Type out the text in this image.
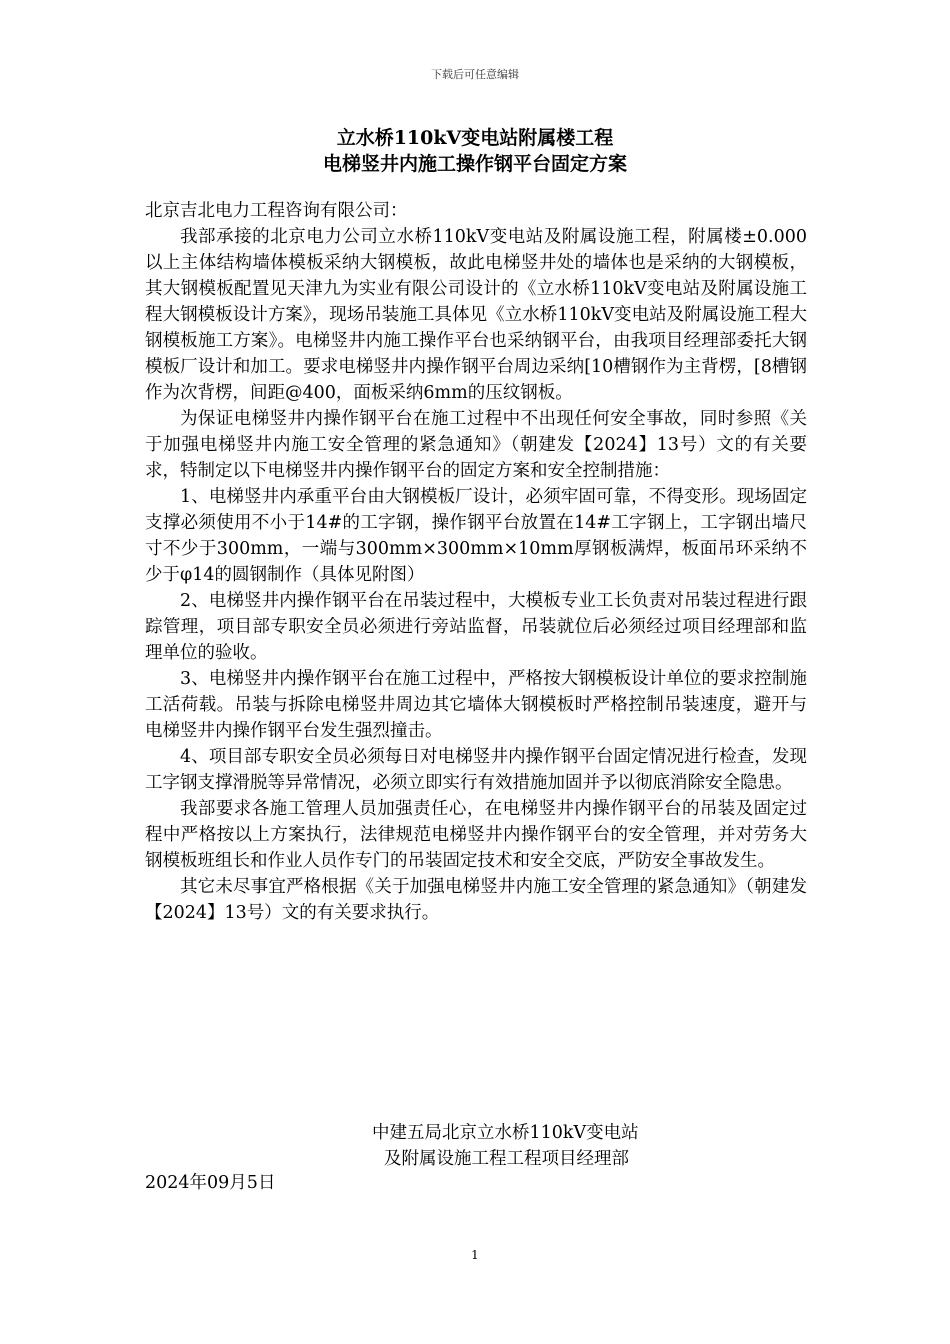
下载后可任意编辑
立水桥110kV变电站附属楼工程
电梯竖井内施工操作钢平台固定方案

北京吉北电力工程咨询有限公司：

我部承接的北京电力公司立水桥110kV变电站及附属设施工程，附属楼±0.000以上主体结构墙体模板采纳大钢模板，故此电梯竖井处的墙体也是采纳的大钢模板，其大钢模板配置见天津九为实业有限公司设计的《立水桥110kV变电站及附属设施工程大钢模板设计方案》，现场吊装施工具体见《立水桥110kV变电站及附属设施工程大钢模板施工方案》。电梯竖井内施工操作平台也采纳钢平台，由我项目经理部委托大钢模板厂设计和加工。要求电梯竖井内操作钢平台周边采纳[10槽钢作为主背楞，[8槽钢作为次背楞，间距@400，面板采纳6mm的压纹钢板。

为保证电梯竖井内操作钢平台在施工过程中不出现任何安全事故，同时参照《关于加强电梯竖井内施工安全管理的紧急通知》（朝建发【2024】13号）文的有关要求，特制定以下电梯竖井内操作钢平台的固定方案和安全控制措施：

1、电梯竖井内承重平台由大钢模板厂设计，必须牢固可靠，不得变形。现场固定支撑必须使用不小于14#的工字钢，操作钢平台放置在14#工字钢上，工字钢出墙尺寸不少于300mm，一端与300mm×300mm×10mm厚钢板满焊，板面吊环采纳不少于φ14的圆钢制作（具体见附图）

2、电梯竖井内操作钢平台在吊装过程中，大模板专业工长负责对吊装过程进行跟踪管理，项目部专职安全员必须进行旁站监督，吊装就位后必须经过项目经理部和监理单位的验收。

3、电梯竖井内操作钢平台在施工过程中，严格按大钢模板设计单位的要求控制施工活荷载。吊装与拆除电梯竖井周边其它墙体大钢模板时严格控制吊装速度，避开与电梯竖井内操作钢平台发生强烈撞击。

4、项目部专职安全员必须每日对电梯竖井内操作钢平台固定情况进行检查，发现工字钢支撑滑脱等异常情况，必须立即实行有效措施加固并予以彻底消除安全隐患。

我部要求各施工管理人员加强责任心，在电梯竖井内操作钢平台的吊装及固定过程中严格按以上方案执行，法律规范电梯竖井内操作钢平台的安全管理，并对劳务大钢模板班组长和作业人员作专门的吊装固定技术和安全交底，严防安全事故发生。

其它未尽事宜严格根据《关于加强电梯竖井内施工安全管理的紧急通知》（朝建发【2024】13号）文的有关要求执行。

中建五局北京立水桥110kV变电站
及附属设施工程工程项目经理部
2024年09月5日
1
